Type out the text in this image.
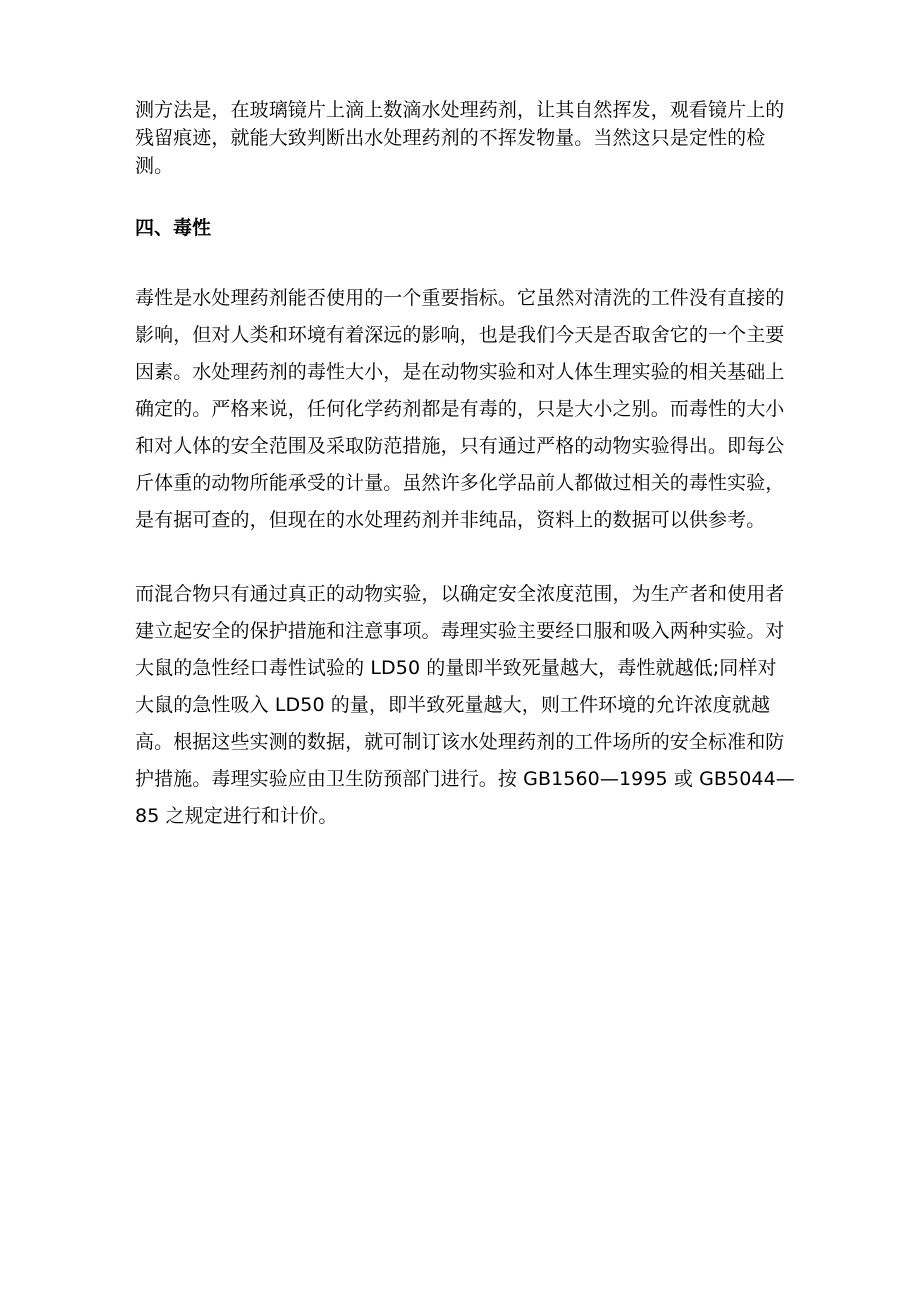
测方法是，在玻璃镜片上滴上数滴水处理药剂，让其自然挥发，观看镜片上的残留痕迹，就能大致判断出水处理药剂的不挥发物量。当然这只是定性的检测。

四、毒性

毒性是水处理药剂能否使用的一个重要指标。它虽然对清洗的工件没有直接的影响，但对人类和环境有着深远的影响，也是我们今天是否取舍它的一个主要因素。水处理药剂的毒性大小，是在动物实验和对人体生理实验的相关基础上确定的。严格来说，任何化学药剂都是有毒的，只是大小之别。而毒性的大小和对人体的安全范围及采取防范措施，只有通过严格的动物实验得出。即每公斤体重的动物所能承受的计量。虽然许多化学品前人都做过相关的毒性实验，是有据可查的，但现在的水处理药剂并非纯品，资料上的数据可以供参考。

而混合物只有通过真正的动物实验，以确定安全浓度范围，为生产者和使用者建立起安全的保护措施和注意事项。毒理实验主要经口服和吸入两种实验。对大鼠的急性经口毒性试验的 LD50 的量即半致死量越大，毒性就越低;同样对大鼠的急性吸入 LD50 的量，即半致死量越大，则工件环境的允许浓度就越高。根据这些实测的数据，就可制订该水处理药剂的工件场所的安全标准和防护措施。毒理实验应由卫生防预部门进行。按 GB1560—1995 或 GB5044—85 之规定进行和计价。
